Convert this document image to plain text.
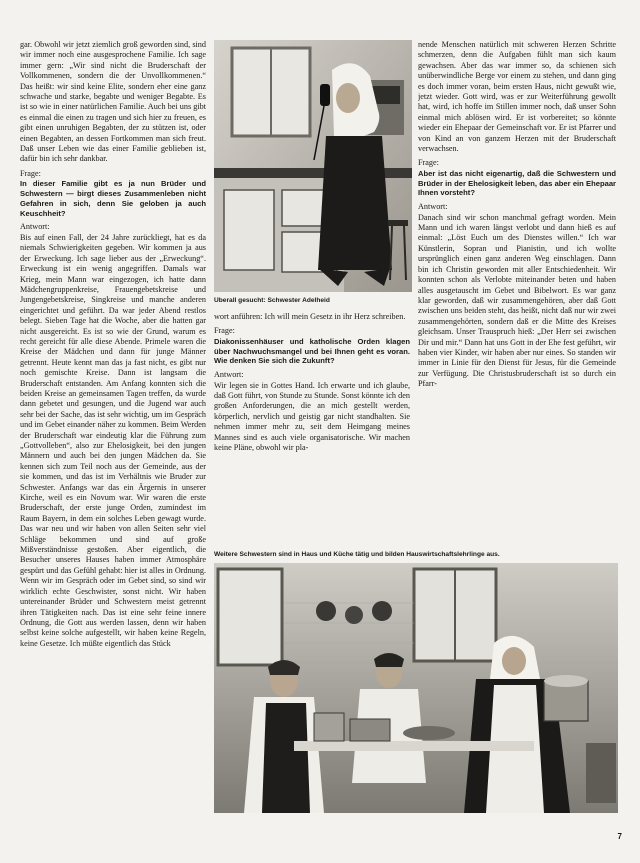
gar. Obwohl wir jetzt ziemlich groß geworden sind, sind wir immer noch eine ausgesprochene Familie. Ich sage immer gern: „Wir sind nicht die Bruderschaft der Vollkommenen, sondern die der Unvollkommenen.“ Das heißt: wir sind keine Elite, sondern eher eine ganz schwache und starke, begabte und weniger Begabte. Es ist so wie in einer natürlichen Familie. Auch bei uns gibt es einmal die einen zu tragen und sich hier zu freuen, es gibt einen unruhigen Begabten, der zu stützen ist, oder einen Begabten, an dessen Fortkommen man sich freut. Daß unser Leben wie das einer Familie geblieben ist, dafür bin ich sehr dankbar.

Frage:

In dieser Familie gibt es ja nun Brüder und Schwestern — birgt dieses Zusammenleben nicht Gefahren in sich, denn Sie geloben ja auch Keuschheit?

Antwort:

Bis auf einen Fall, der 24 Jahre zurückliegt, hat es da niemals Schwierigkeiten gegeben. Wir kommen ja aus der Erweckung. Ich sage lieber aus der „Erweckung“. Erweckung ist ein wenig angegriffen. Damals war Krieg, mein Mann war eingezogen, ich hatte dann Mädchengruppenkreise, Frauengebetskreise und Jungengebetskreise, Singkreise und manche anderen eingerichtet und geführt. Da war jeder Abend restlos belegt. Sieben Tage hat die Woche, aber die hatten gar nicht ausgereicht. Es ist so wie der Grund, warum es recht gereicht für alle diese Abende. Primele waren die Kreise der Mädchen und dann für junge Männer getrennt. Heute kennt man das ja fast nicht, es gibt nur noch gemischte Kreise. Dann ist langsam die Bruderschaft entstanden. Am Anfang konnten sich die beiden Kreise an gemeinsamen Tagen treffen, da wurde dann gebetet und gesungen, und die Jugend war auch sehr bei der Sache, das ist sehr wichtig, um im Gespräch und im Gebet einander näher zu kommen. Beim Werden der Bruderschaft war eindeutig klar die Führung zum „Gottvolleben“, also zur Ehelosigkeit, bei den jungen Männern und auch bei den jungen Mädchen da. Sie kennen sich zum Teil noch aus der Gemeinde, aus der sie kommen, und das ist im Verhältnis wie Bruder zur Schwester. Anfangs war das ein Ärgernis in unserer Kirche, weil es ein Novum war. Wir waren die erste Bruderschaft, der erste junge Orden, zumindest im Raum Bayern, in dem ein solches Leben gewagt wurde. Das war neu und wir haben von allen Seiten sehr viel Schläge bekommen und sind auf große Mißverständnisse gestoßen. Aber eigentlich, die Besucher unseres Hauses haben immer Atmosphäre gespürt und das Gefühl gehabt: hier ist alles in Ordnung. Wenn wir im Gespräch oder im Gebet sind, so sind wir wirklich echte Geschwister, sonst nicht. Wir haben untereinander Brüder und Schwestern meist getrennt ihren Tätigkeiten nach. Das ist eine sehr feine innere Ordnung, die Gott aus werden lassen, denn wir haben selbst keine solche aufgestellt, wir haben keine Regeln, keine Gesetze. Ich müßte eigentlich das Stück

Überall gesucht: Schwester Adelheid

wort anführen: Ich will mein Gesetz in ihr Herz schreiben.

Frage:

Diakonissenhäuser und katholische Orden klagen über Nachwuchsmangel und bei Ihnen geht es voran. Wie denken Sie sich die Zukunft?

Antwort:

Wir legen sie in Gottes Hand. Ich erwarte und ich glaube, daß Gott führt, von Stunde zu Stunde. Sonst könnte ich den großen Anforderungen, die an mich gestellt werden, körperlich, nervlich und geistig gar nicht standhalten. Sie nehmen immer mehr zu, seit dem Heimgang meines Mannes sind es auch viele organisatorische. Wir machen keine Pläne, obwohl wir pla-

nende Menschen natürlich mit schweren Herzen Schritte schmerzen, denn die Aufgaben fühlt man sich kaum gewachsen. Aber das war immer so, da schienen sich unüberwindliche Berge vor einem zu stehen, und dann ging es doch immer voran, beim ersten Haus, nicht gewußt wie, jetzt wieder. Gott wird, was er zur Weiterführung gewollt hat, wird, ich hoffe im Stillen immer noch, daß unser Sohn einmal mich ablösen wird. Er ist vorbereitet; so könnte wieder ein Ehepaar der Gemeinschaft vor. Er ist Pfarrer und von Kind an von ganzem Herzen mit der Bruderschaft verwachsen.

Frage:

Aber ist das nicht eigenartig, daß die Schwestern und Brüder in der Ehelosigkeit leben, das aber ein Ehepaar Ihnen vorsteht?

Antwort:

Danach sind wir schon manchmal gefragt worden. Mein Mann und ich waren längst verlobt und dann hieß es auf einmal: „Löst Euch um des Dienstes willen.“ Ich war Künstlerin, Sopran und Pianistin, und ich wollte ursprünglich einen ganz anderen Weg einschlagen. Dann bin ich Christin geworden mit aller Entschiedenheit. Wir konnten schon als Verlobte miteinander beten und haben alles ausgetauscht im Gebet und Bibelwort. Es war ganz klar geworden, daß wir zusammengehören, aber daß Gott zwischen uns beiden steht, das heißt, nicht daß nur wir zwei zusammengehörten, sondern daß er die Mitte des Kreises gleichsam. Unser Trauspruch hieß: „Der Herr sei zwischen Dir und mir.“ Dann hat uns Gott in der Ehe fest geführt, wir haben vier Kinder, wir haben aber nur eines. So standen wir immer in Linie für den Dienst für Jesus, für die Gemeinde zur Verfügung. Die Christusbruderschaft ist so durch ein Pfarr-

Weitere Schwestern sind in Haus und Küche tätig und bilden Hauswirtschaftslehrlinge aus.
7
